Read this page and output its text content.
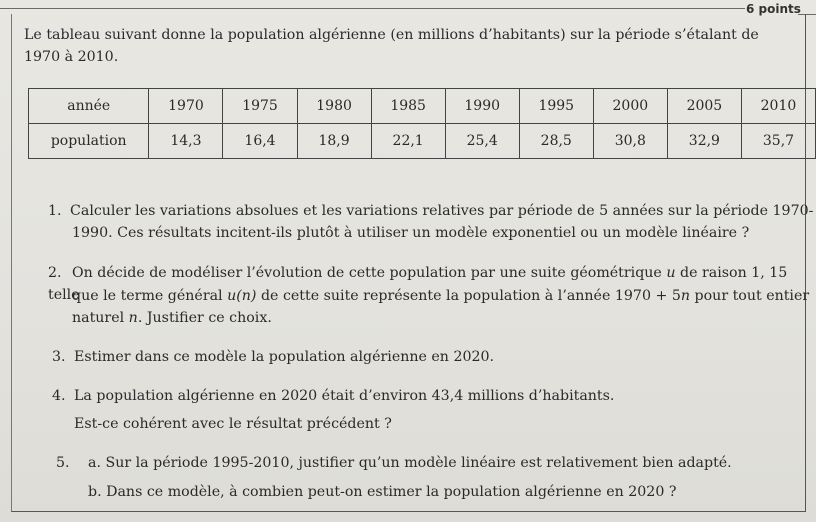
6 points
Le tableau suivant donne la population algérienne (en millions d’habitants) sur la période s’étalant de 1970 à 2010.
année	1970	1975	1980	1985	1990	1995	2000	2005	2010
population	14,3	16,4	18,9	22,1	25,4	28,5	30,8	32,9	35,7
1. Calculer les variations absolues et les variations relatives par période de 5 années sur la période 1970-
1990. Ces résultats incitent-ils plutôt à utiliser un modèle exponentiel ou un modèle linéaire ?
2. On décide de modéliser l’évolution de cette population par une suite géométrique u de raison 1, 15 telle
que le terme général u(n) de cette suite représente la population à l’année 1970 + 5n pour tout entier
naturel n. Justifier ce choix.
3. Estimer dans ce modèle la population algérienne en 2020.
4. La population algérienne en 2020 était d’environ 43,4 millions d’habitants.
Est-ce cohérent avec le résultat précédent ?
5. a. Sur la période 1995-2010, justifier qu’un modèle linéaire est relativement bien adapté.
b. Dans ce modèle, à combien peut-on estimer la population algérienne en 2020 ?
